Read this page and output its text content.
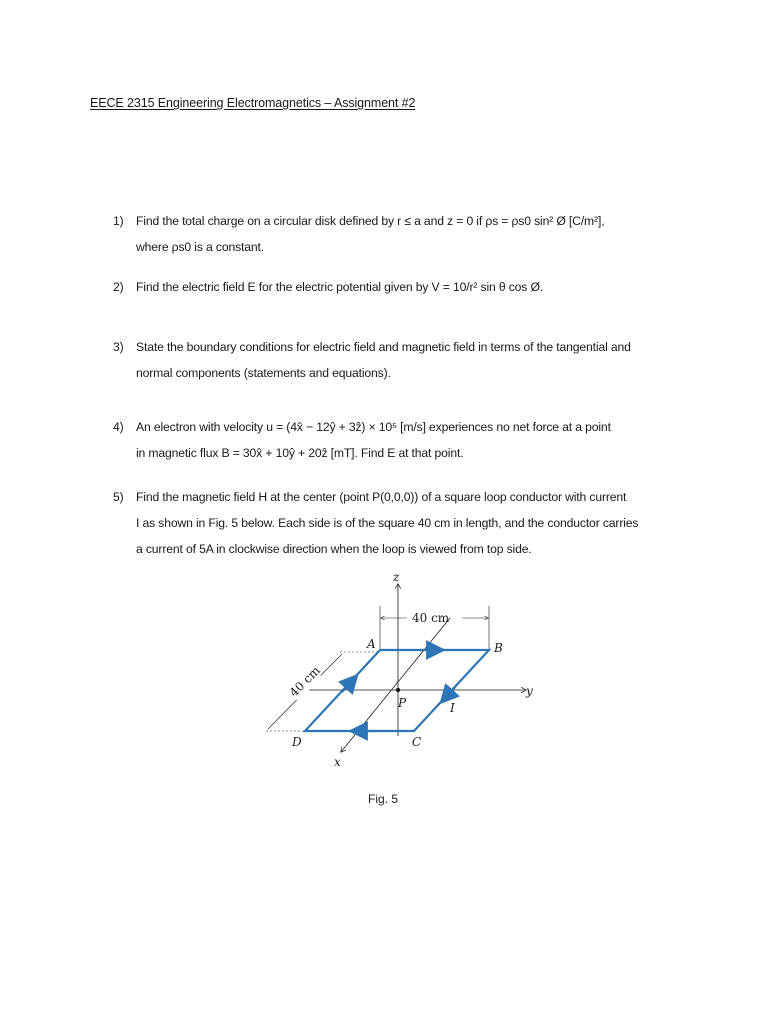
EECE 2315 Engineering Electromagnetics – Assignment #2
1) Find the total charge on a circular disk defined by r ≤ a and z = 0 if ρs = ρs0 sin² Ø [C/m²],
where ρs0 is a constant.
2) Find the electric field E for the electric potential given by V = 10/r² sin θ cos Ø.
3) State the boundary conditions for electric field and magnetic field in terms of the tangential and
normal components (statements and equations).
4) An electron with velocity u = (4x̂ − 12ŷ + 3ẑ) × 10⁵ [m/s] experiences no net force at a point
in magnetic flux B = 30x̂ + 10ŷ + 20ẑ [mT]. Find E at that point.
5) Find the magnetic field H at the center (point P(0,0,0)) of a square loop conductor with current
I as shown in Fig. 5 below. Each side is of the square 40 cm in length, and the conductor carries
a current of 5A in clockwise direction when the loop is viewed from top side.
z
y
x
40 cm
40 cm
A	B
C
D
P	I
Fig. 5
